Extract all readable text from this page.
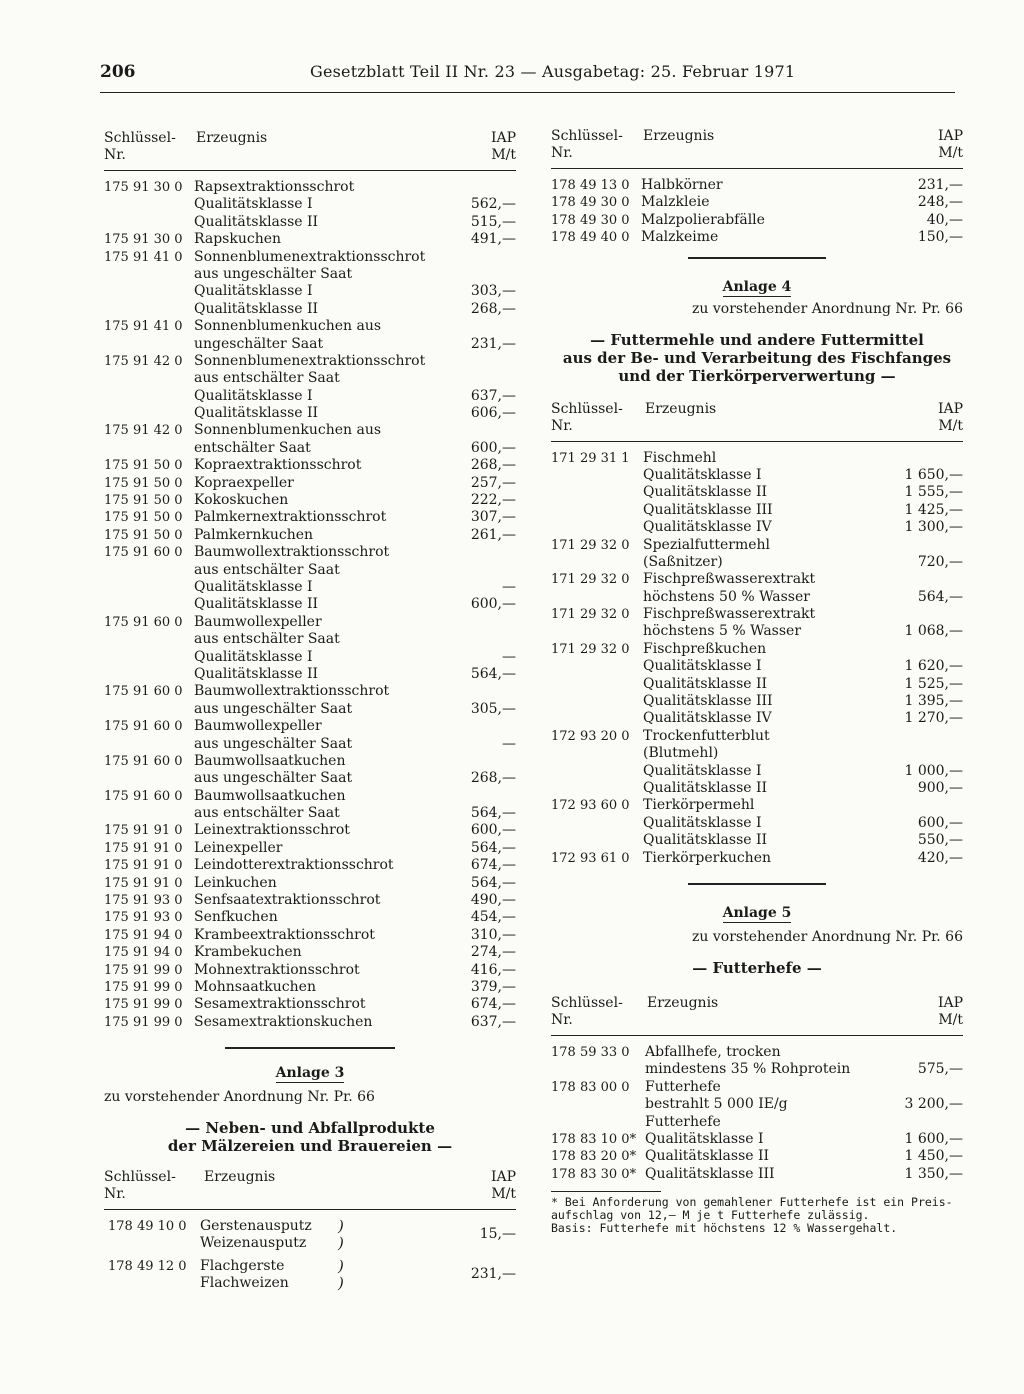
206	Gesetzblatt Teil II Nr. 23 — Ausgabetag: 25. Februar 1971
Schlüssel-
Nr.
Erzeugnis	IAP
M/t
175 91 30 0 Rapsextraktionsschrot
Qualitätsklasse I	562,—
Qualitätsklasse II	515,—
175 91 30 0 Rapskuchen	491,—
175 91 41 0 Sonnenblumenextraktionsschrot
aus ungeschälter Saat
Qualitätsklasse I	303,—
Qualitätsklasse II	268,—
175 91 41 0 Sonnenblumenkuchen aus
ungeschälter Saat	231,—
175 91 42 0 Sonnenblumenextraktionsschrot
aus entschälter Saat
Qualitätsklasse I	637,—
Qualitätsklasse II	606,—
175 91 42 0 Sonnenblumenkuchen aus
entschälter Saat	600,—
175 91 50 0 Kopraextraktionsschrot	268,—
175 91 50 0 Kopraexpeller	257,—
175 91 50 0 Kokoskuchen	222,—
175 91 50 0 Palmkernextraktionsschrot	307,—
175 91 50 0 Palmkernkuchen	261,—
175 91 60 0 Baumwollextraktionsschrot
aus entschälter Saat
Qualitätsklasse I	—
Qualitätsklasse II	600,—
175 91 60 0 Baumwollexpeller
aus entschälter Saat
Qualitätsklasse I	—
Qualitätsklasse II	564,—
175 91 60 0 Baumwollextraktionsschrot
aus ungeschälter Saat	305,—
175 91 60 0 Baumwollexpeller
aus ungeschälter Saat	—
175 91 60 0 Baumwollsaatkuchen
aus ungeschälter Saat	268,—
175 91 60 0 Baumwollsaatkuchen
aus entschälter Saat	564,—
175 91 91 0 Leinextraktionsschrot	600,—
175 91 91 0 Leinexpeller	564,—
175 91 91 0 Leindotterextraktionsschrot	674,—
175 91 91 0 Leinkuchen	564,—
175 91 93 0 Senfsaatextraktionsschrot	490,—
175 91 93 0 Senfkuchen	454,—
175 91 94 0 Krambeextraktionsschrot	310,—
175 91 94 0 Krambekuchen	274,—
175 91 99 0 Mohnextraktionsschrot	416,—
175 91 99 0 Mohnsaatkuchen	379,—
175 91 99 0 Sesamextraktionsschrot	674,—
175 91 99 0 Sesamextraktionskuchen	637,—
Anlage 3
zu vorstehender Anordnung Nr. Pr. 66
— Neben- und Abfallprodukte
der Mälzereien und Brauereien —
Schlüssel-
Nr.
Erzeugnis	IAP
M/t
178 49 10 0 Gerstenausputz
Weizenausputz
)
)	15,—
178 49 12 0 Flachgerste
Flachweizen
)
)	231,—
Schlüssel-
Nr.
Erzeugnis	IAP
M/t
178 49 13 0 Halbkörner	231,—
178 49 30 0 Malzkleie	248,—
178 49 30 0 Malzpolierabfälle	40,—
178 49 40 0 Malzkeime	150,—
Anlage 4
zu vorstehender Anordnung Nr. Pr. 66
— Futtermehle und andere Futtermittel
aus der Be- und Verarbeitung des Fischfanges
und der Tierkörperverwertung —
Schlüssel-
Nr.
Erzeugnis	IAP
M/t
171 29 31 1 Fischmehl
Qualitätsklasse I	1 650,—
Qualitätsklasse II	1 555,—
Qualitätsklasse III	1 425,—
Qualitätsklasse IV	1 300,—
171 29 32 0 Spezialfuttermehl
(Saßnitzer)	720,—
171 29 32 0 Fischpreßwasserextrakt
höchstens 50 % Wasser	564,—
171 29 32 0 Fischpreßwasserextrakt
höchstens 5 % Wasser	1 068,—
171 29 32 0 Fischpreßkuchen
Qualitätsklasse I	1 620,—
Qualitätsklasse II	1 525,—
Qualitätsklasse III	1 395,—
Qualitätsklasse IV	1 270,—
172 93 20 0 Trockenfutterblut
(Blutmehl)
Qualitätsklasse I	1 000,—
Qualitätsklasse II	900,—
172 93 60 0 Tierkörpermehl
Qualitätsklasse I	600,—
Qualitätsklasse II	550,—
172 93 61 0 Tierkörperkuchen	420,—
Anlage 5
zu vorstehender Anordnung Nr. Pr. 66
— Futterhefe —
Schlüssel-
Nr.
Erzeugnis	IAP
M/t
178 59 33 0 Abfallhefe, trocken
mindestens 35 % Rohprotein	575,—
178 83 00 0 Futterhefe
bestrahlt 5 000 IE/g	3 200,—
Futterhefe
178 83 10 0* Qualitätsklasse I	1 600,—
178 83 20 0* Qualitätsklasse II	1 450,—
178 83 30 0* Qualitätsklasse III	1 350,—
* Bei Anforderung von gemahlener Futterhefe ist ein Preis-
aufschlag von 12,— M je t Futterhefe zulässig.
Basis: Futterhefe mit höchstens 12 % Wassergehalt.
